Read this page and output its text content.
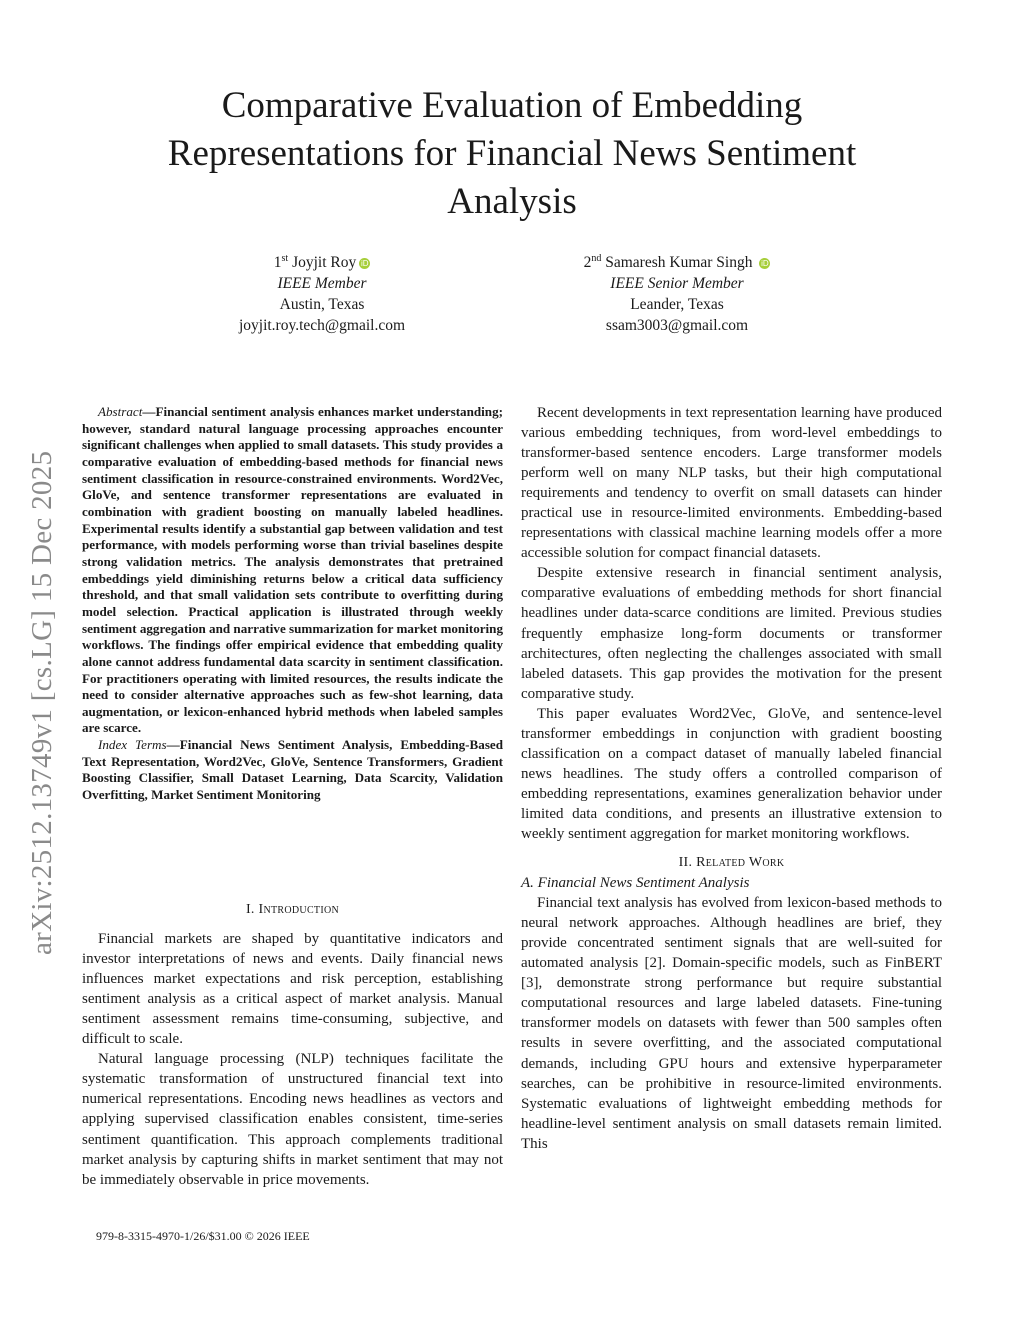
arXiv:2512.13749v1 [cs.LG] 15 Dec 2025
Comparative Evaluation of Embedding Representations for Financial News Sentiment Analysis
1st Joyjit Roy iD
IEEE Member
Austin, Texas
joyjit.roy.tech@gmail.com
2nd Samaresh Kumar Singh iD
IEEE Senior Member
Leander, Texas
ssam3003@gmail.com

Abstract—Financial sentiment analysis enhances market understanding; however, standard natural language processing approaches encounter significant challenges when applied to small datasets. This study provides a comparative evaluation of embedding-based methods for financial news sentiment classification in resource-constrained environments. Word2Vec, GloVe, and sentence transformer representations are evaluated in combination with gradient boosting on manually labeled headlines. Experimental results identify a substantial gap between validation and test performance, with models performing worse than trivial baselines despite strong validation metrics. The analysis demonstrates that pretrained embeddings yield diminishing returns below a critical data sufficiency threshold, and that small validation sets contribute to overfitting during model selection. Practical application is illustrated through weekly sentiment aggregation and narrative summarization for market monitoring workflows. The findings offer empirical evidence that embedding quality alone cannot address fundamental data scarcity in sentiment classification. For practitioners operating with limited resources, the results indicate the need to consider alternative approaches such as few-shot learning, data augmentation, or lexicon-enhanced hybrid methods when labeled samples are scarce.

Index Terms—Financial News Sentiment Analysis, Embedding-Based Text Representation, Word2Vec, GloVe, Sentence Transformers, Gradient Boosting Classifier, Small Dataset Learning, Data Scarcity, Validation Overfitting, Market Sentiment Monitoring

I. Introduction

Financial markets are shaped by quantitative indicators and investor interpretations of news and events. Daily financial news influences market expectations and risk perception, establishing sentiment analysis as a critical aspect of market analysis. Manual sentiment assessment remains time-consuming, subjective, and difficult to scale.

Natural language processing (NLP) techniques facilitate the systematic transformation of unstructured financial text into numerical representations. Encoding news headlines as vectors and applying supervised classification enables consistent, time-series sentiment quantification. This approach complements traditional market analysis by capturing shifts in market sentiment that may not be immediately observable in price movements.

Recent developments in text representation learning have produced various embedding techniques, from word-level embeddings to transformer-based sentence encoders. Large transformer models perform well on many NLP tasks, but their high computational requirements and tendency to overfit on small datasets can hinder practical use in resource-limited environments. Embedding-based representations with classical machine learning models offer a more accessible solution for compact financial datasets.

Despite extensive research in financial sentiment analysis, comparative evaluations of embedding methods for short financial headlines under data-scarce conditions are limited. Previous studies frequently emphasize long-form documents or transformer architectures, often neglecting the challenges associated with small labeled datasets. This gap provides the motivation for the present comparative study.

This paper evaluates Word2Vec, GloVe, and sentence-level transformer embeddings in conjunction with gradient boosting classification on a compact dataset of manually labeled financial news headlines. The study offers a controlled comparison of embedding representations, examines generalization behavior under limited data conditions, and presents an illustrative extension to weekly sentiment aggregation for market monitoring workflows.

II. Related Work
A. Financial News Sentiment Analysis

Financial text analysis has evolved from lexicon-based methods to neural network approaches. Although headlines are brief, they provide concentrated sentiment signals that are well-suited for automated analysis [2]. Domain-specific models, such as FinBERT [3], demonstrate strong performance but require substantial computational resources and large labeled datasets. Fine-tuning transformer models on datasets with fewer than 500 samples often results in severe overfitting, and the associated computational demands, including GPU hours and extensive hyperparameter searches, can be prohibitive in resource-limited environments. Systematic evaluations of lightweight embedding methods for headline-level sentiment analysis on small datasets remain limited. This

979-8-3315-4970-1/26/$31.00 © 2026 IEEE
